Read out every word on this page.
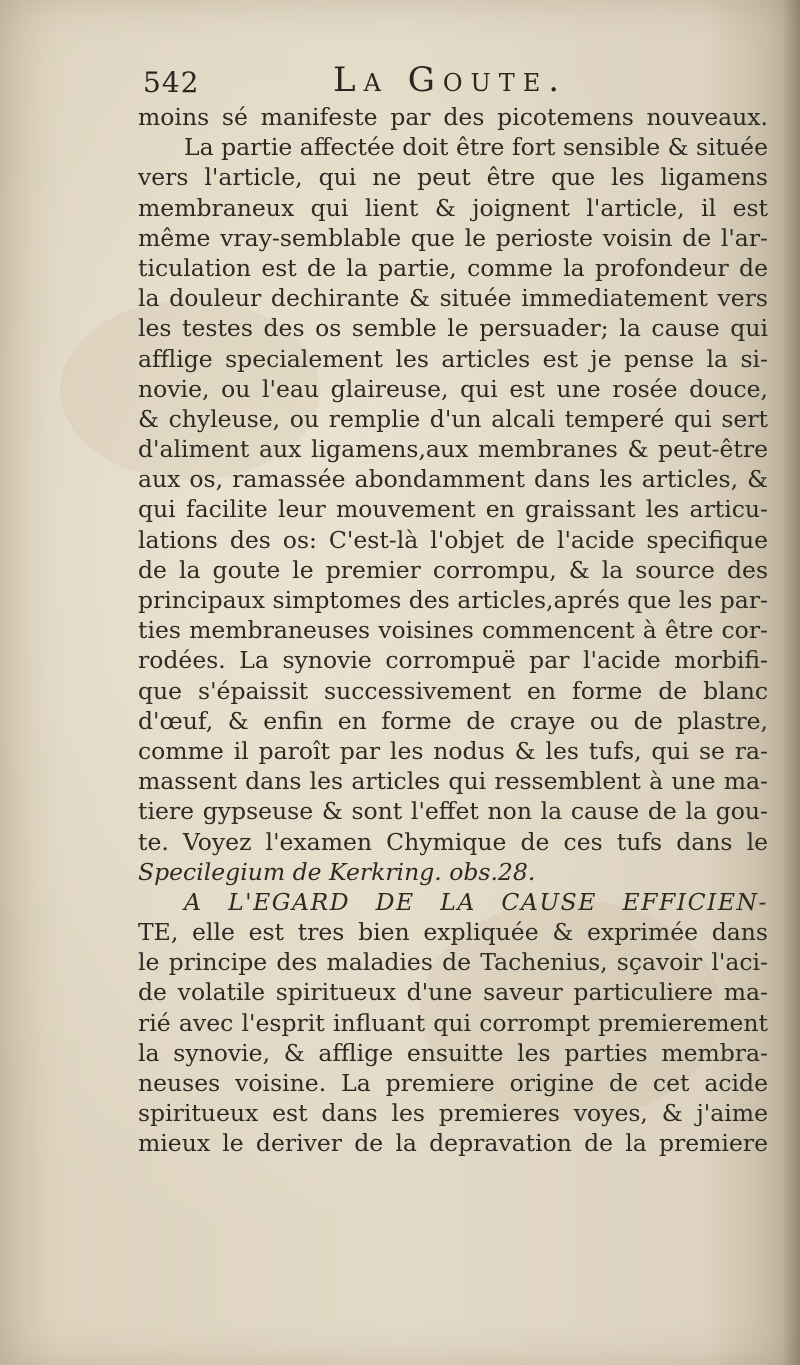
542	La Goute.
moins sé manifeste par des picotemens nouveaux.
La partie affectée doit être fort sensible & située
vers l'article, qui ne peut être que les ligamens
membraneux qui lient & joignent l'article, il est
même vray-semblable que le perioste voisin de l'ar-
ticulation est de la partie, comme la profondeur de
la douleur dechirante & située immediatement vers
les testes des os semble le persuader; la cause qui
afflige specialement les articles est je pense la si-
novie, ou l'eau glaireuse, qui est une rosée douce,
& chyleuse, ou remplie d'un alcali temperé qui sert
d'aliment aux ligamens,aux membranes & peut-être
aux os, ramassée abondamment dans les articles, &
qui facilite leur mouvement en graissant les articu-
lations des os: C'est-là l'objet de l'acide specifique
de la goute le premier corrompu, & la source des
principaux simptomes des articles,aprés que les par-
ties membraneuses voisines commencent à être cor-
rodées. La synovie corrompuë par l'acide morbifi-
que s'épaissit successivement en forme de blanc
d'œuf, & enfin en forme de craye ou de plastre,
comme il paroît par les nodus & les tufs, qui se ra-
massent dans les articles qui ressemblent à une ma-
tiere gypseuse & sont l'effet non la cause de la gou-
te. Voyez l'examen Chymique de ces tufs dans le
Specilegium de Kerkring. obs.28.
A L'EGARD DE LA CAUSE EFFICIEN-
TE, elle est tres bien expliquée & exprimée dans
le principe des maladies de Tachenius, sçavoir l'aci-
de volatile spiritueux d'une saveur particuliere ma-
rié avec l'esprit influant qui corrompt premierement
la synovie, & afflige ensuitte les parties membra-
neuses voisine. La premiere origine de cet acide
spiritueux est dans les premieres voyes, & j'aime
mieux le deriver de la depravation de la premiere
